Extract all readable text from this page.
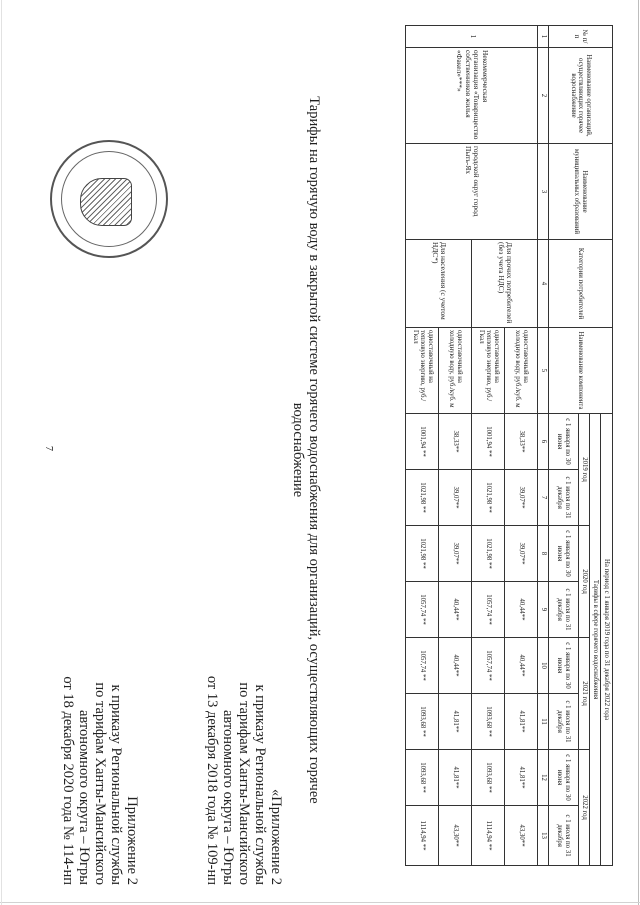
7
Приложение 2
к приказу Региональной службы
по тарифам Ханты-Мансийского
автономного округа – Югры
от 18 декабря 2020 года № 114-нп	«Приложение 2
к приказу Региональной службы
по тарифам Ханты-Мансийского
автономного округа – Югры
от 13 декабря 2018 года № 109-нп	Тарифы на горячую воду в закрытой системе горячего водоснабжения для организаций, осуществляющих горячее
водоснабжение
№ п/п	Наименование организаций, осуществляющих горячее водоснабжение	Наименование муниципальных образований	Категории потребителей	Наименование компонента	На период с 1 января 2019 года по 31 декабря 2022 года							
					Тарифы в сфере горячего водоснабжения							
					2019 год		2020 год		2021 год		2022 год	
					с 1 января по 30 июня	с 1 июля по 31 декабря	с 1 января по 30 июня	с 1 июля по 31 декабря	с 1 января по 30 июня	с 1 июля по 31 декабря	с 1 января по 30 июня	с 1 июля по 31 декабря
1	2	3	4	5	6	7	8	9	10	11	12	13
1	Некоммерческая организация «Товарищество собственников жилья «Факел»***»	городской округ город Пыть-Ях	Для прочих потребителей (без учета НДС)	одноставочный на холодную воду, руб./куб. м	38,33**	39,07**	39,07**	40,44**	40,44**	41,81**	41,81**	43,30**
				одноставочный на тепловую энергию, руб./Гкал	1001,94 **	1021,98 **	1021,98 **	1057,74 **	1057,74 **	1093,68 **	1093,68 **	1114,94 **
			Для населения (с учетом НДС*)	одноставочный на холодную воду, руб./куб. м	38,33**	39,07**	39,07**	40,44**	40,44**	41,81**	41,81**	43,30**
				одноставочный на тепловую энергию, руб./Гкал	1001,94 **	1021,98 **	1021,98 **	1057,74 **	1057,74 **	1093,68 **	1093,68 **	1114,94 **
